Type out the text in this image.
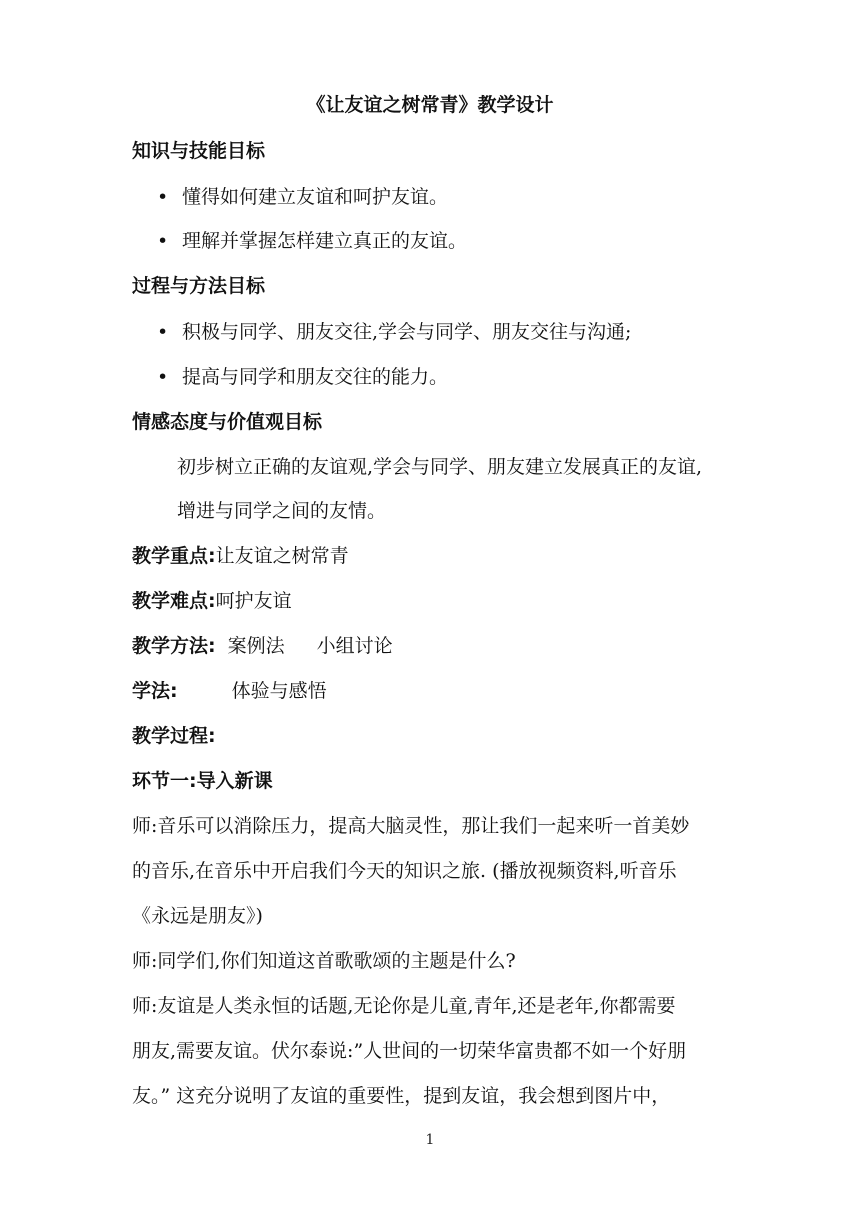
《让友谊之树常青》教学设计
知识与技能目标
• 懂得如何建立友谊和呵护友谊。
• 理解并掌握怎样建立真正的友谊。
过程与方法目标
• 积极与同学、朋友交往,学会与同学、朋友交往与沟通;
• 提高与同学和朋友交往的能力。
情感态度与价值观目标
初步树立正确的友谊观,学会与同学、朋友建立发展真正的友谊,
增进与同学之间的友情。
教学重点:让友谊之树常青
教学难点:呵护友谊
教学方法: 案例法 小组讨论
学法:	体验与感悟
教学过程:
环节一:导入新课
师:音乐可以消除压力，提高大脑灵性，那让我们一起来听一首美妙
的音乐,在音乐中开启我们今天的知识之旅. (播放视频资料,听音乐
《永远是朋友》)
师:同学们,你们知道这首歌歌颂的主题是什么?
师:友谊是人类永恒的话题,无论你是儿童,青年,还是老年,你都需要
朋友,需要友谊。伏尔泰说:”人世间的一切荣华富贵都不如一个好朋
友。” 这充分说明了友谊的重要性，提到友谊，我会想到图片中，
1
